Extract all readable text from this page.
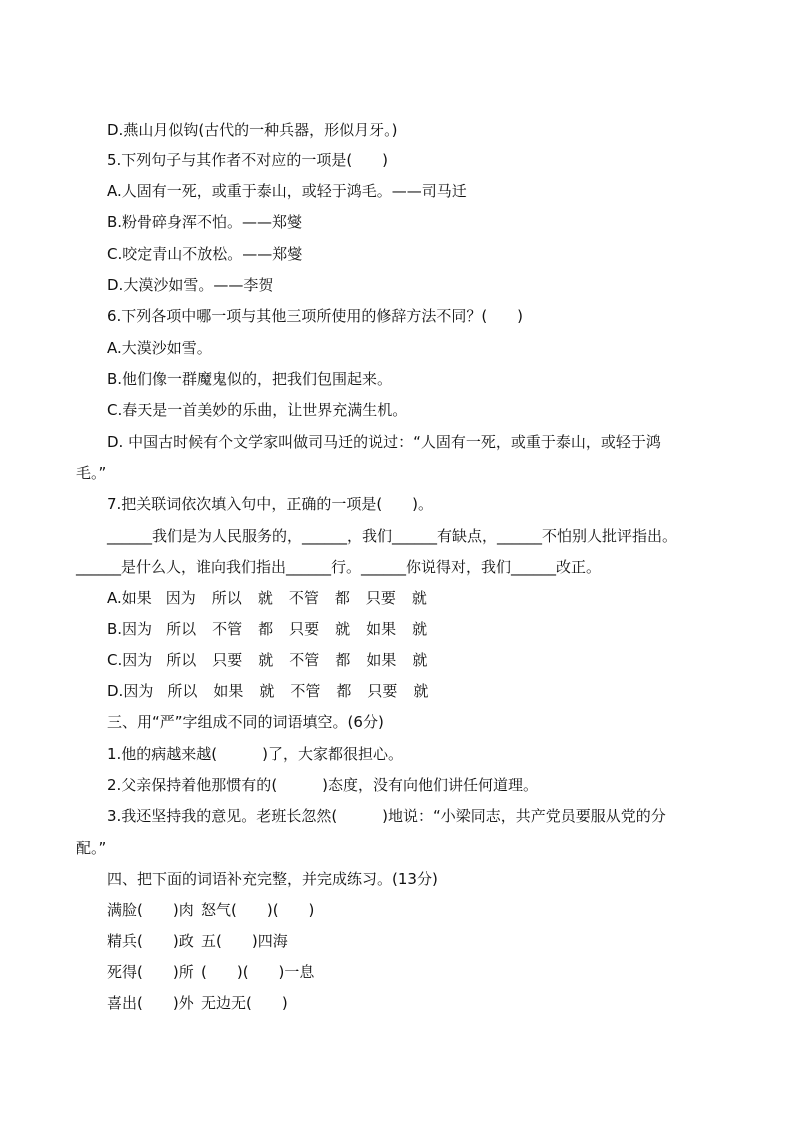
D.燕山月似钩(古代的一种兵器，形似月牙。)
5.下列句子与其作者不对应的一项是(　　)
A.人固有一死，或重于泰山，或轻于鸿毛。——司马迁
B.粉骨碎身浑不怕。——郑燮
C.咬定青山不放松。——郑燮
D.大漠沙如雪。——李贺
6.下列各项中哪一项与其他三项所使用的修辞方法不同？(　　)
A.大漠沙如雪。
B.他们像一群魔鬼似的，把我们包围起来。
C.春天是一首美妙的乐曲，让世界充满生机。
D. 中国古时候有个文学家叫做司马迁的说过：“人固有一死，或重于泰山，或轻于鸿
毛。”
7.把关联词依次填入句中，正确的一项是(　　)。
______我们是为人民服务的，______，我们______有缺点，______不怕别人批评指出。
______是什么人，谁向我们指出______行。______你说得对，我们______改正。
A.如果 因为 所以 就 不管 都 只要 就
B.因为 所以 不管 都 只要 就 如果 就
C.因为 所以 只要 就 不管 都 如果 就
D.因为 所以 如果 就 不管 都 只要 就
三、用“严”字组成不同的词语填空。(6分)
1.他的病越来越(　　　)了，大家都很担心。
2.父亲保持着他那惯有的(　　　)态度，没有向他们讲任何道理。
3.我还坚持我的意见。老班长忽然(　　　)地说：“小梁同志，共产党员要服从党的分
配。”
四、把下面的词语补充完整，并完成练习。(13分)
满脸(　　)肉 怒气(　　)(　　)
精兵(　　)政 五(　　)四海
死得(　　)所 (　　)(　　)一息
喜出(　　)外 无边无(　　)
